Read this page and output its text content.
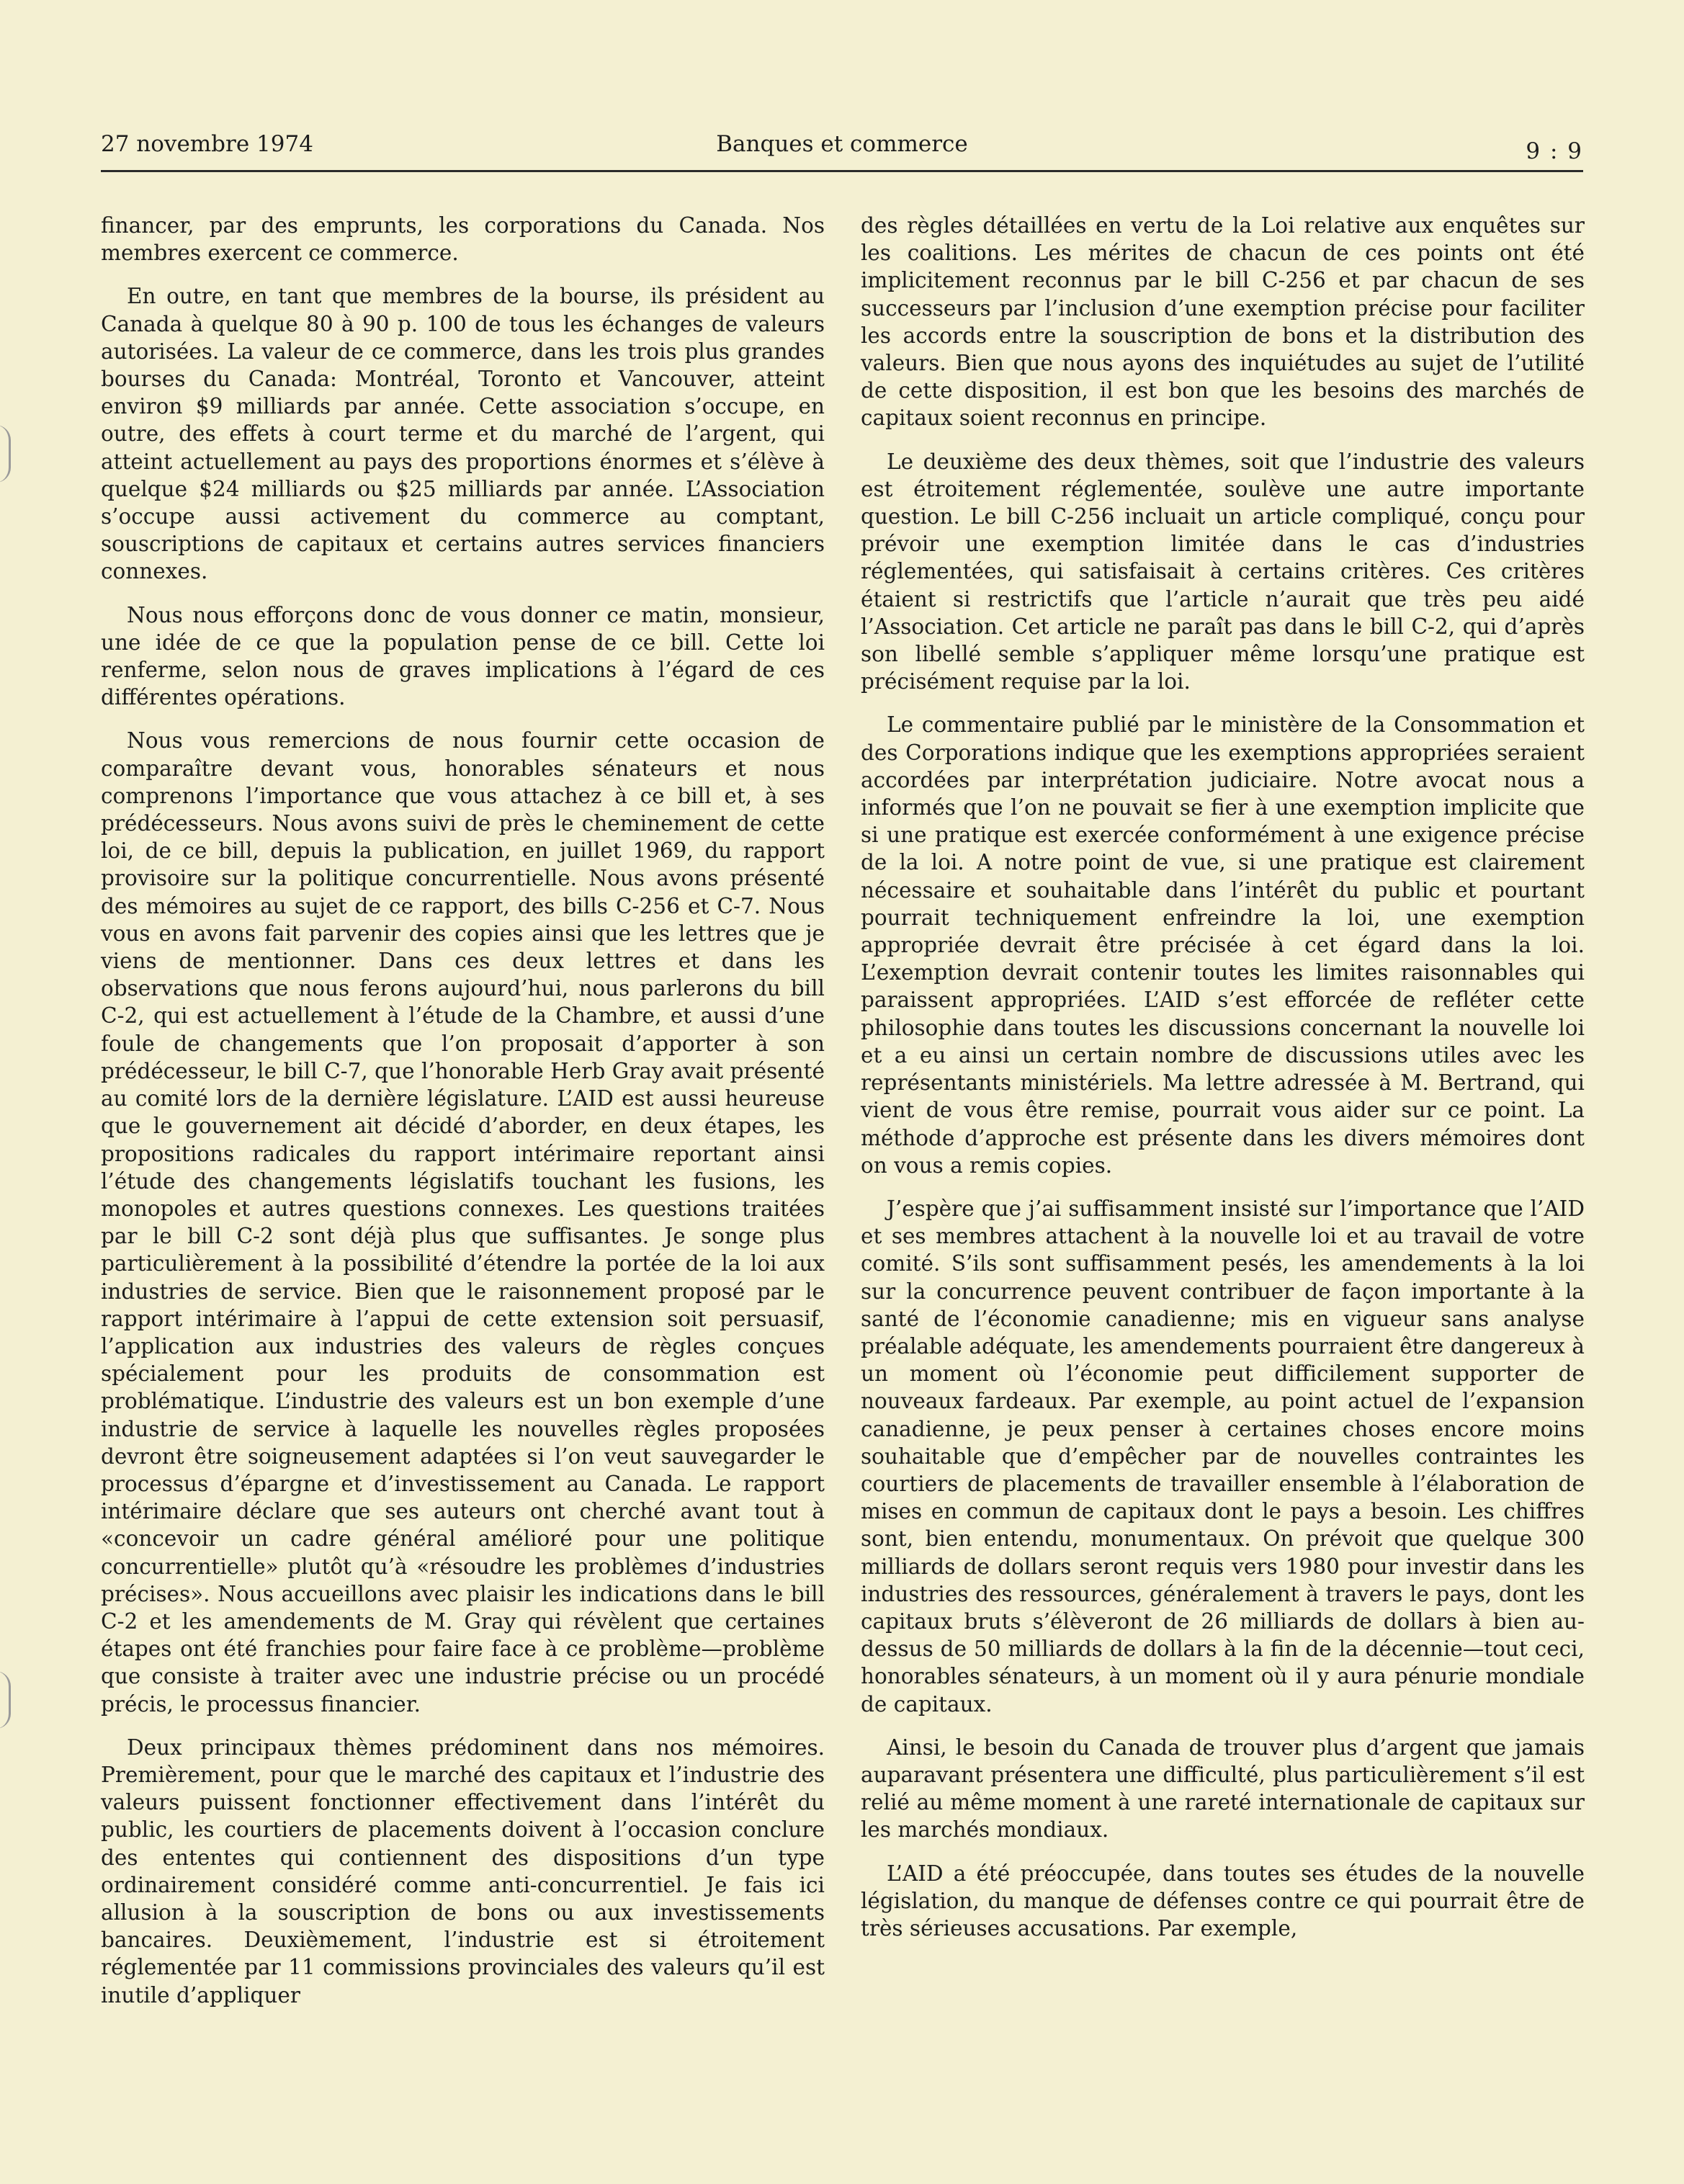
27 novembre 1974	Banques et commerce	9 : 9

financer, par des emprunts, les corporations du Canada. Nos membres exercent ce commerce.

En outre, en tant que membres de la bourse, ils président au Canada à quelque 80 à 90 p. 100 de tous les échanges de valeurs autorisées. La valeur de ce commerce, dans les trois plus grandes bourses du Canada: Montréal, Toronto et Vancouver, atteint environ $9 milliards par année. Cette association s’occupe, en outre, des effets à court terme et du marché de l’argent, qui atteint actuellement au pays des proportions énormes et s’élève à quelque $24 milliards ou $25 milliards par année. L’Association s’occupe aussi activement du commerce au comptant, souscriptions de capitaux et certains autres services financiers connexes.

Nous nous efforçons donc de vous donner ce matin, monsieur, une idée de ce que la population pense de ce bill. Cette loi renferme, selon nous de graves implications à l’égard de ces différentes opérations.

Nous vous remercions de nous fournir cette occasion de comparaître devant vous, honorables sénateurs et nous comprenons l’importance que vous attachez à ce bill et, à ses prédécesseurs. Nous avons suivi de près le cheminement de cette loi, de ce bill, depuis la publication, en juillet 1969, du rapport provisoire sur la politique concurrentielle. Nous avons présenté des mémoires au sujet de ce rapport, des bills C-256 et C-7. Nous vous en avons fait parvenir des copies ainsi que les lettres que je viens de mentionner. Dans ces deux lettres et dans les observations que nous ferons aujourd’hui, nous parlerons du bill C-2, qui est actuellement à l’étude de la Chambre, et aussi d’une foule de changements que l’on proposait d’apporter à son prédécesseur, le bill C-7, que l’honorable Herb Gray avait présenté au comité lors de la dernière législature. L’AID est aussi heureuse que le gouvernement ait décidé d’aborder, en deux étapes, les propositions radicales du rapport intérimaire reportant ainsi l’étude des changements législatifs touchant les fusions, les monopoles et autres questions connexes. Les questions traitées par le bill C-2 sont déjà plus que suffisantes. Je songe plus particulièrement à la possibilité d’étendre la portée de la loi aux industries de service. Bien que le raisonnement proposé par le rapport intérimaire à l’appui de cette extension soit persuasif, l’application aux industries des valeurs de règles conçues spécialement pour les produits de consommation est problématique. L’industrie des valeurs est un bon exemple d’une industrie de service à laquelle les nouvelles règles proposées devront être soigneusement adaptées si l’on veut sauvegarder le processus d’épargne et d’investissement au Canada. Le rapport intérimaire déclare que ses auteurs ont cherché avant tout à «concevoir un cadre général amélioré pour une politique concurrentielle» plutôt qu’à «résoudre les problèmes d’industries précises». Nous accueillons avec plaisir les indications dans le bill C-2 et les amendements de M. Gray qui révèlent que certaines étapes ont été franchies pour faire face à ce problème—problème que consiste à traiter avec une industrie précise ou un procédé précis, le processus financier.

Deux principaux thèmes prédominent dans nos mémoires. Premièrement, pour que le marché des capitaux et l’industrie des valeurs puissent fonctionner effectivement dans l’intérêt du public, les courtiers de placements doivent à l’occasion conclure des ententes qui contiennent des dispositions d’un type ordinairement considéré comme anti-concurrentiel. Je fais ici allusion à la souscription de bons ou aux investissements bancaires. Deuxièmement, l’industrie est si étroitement réglementée par 11 commissions provinciales des valeurs qu’il est inutile d’appliquer

des règles détaillées en vertu de la Loi relative aux enquêtes sur les coalitions. Les mérites de chacun de ces points ont été implicitement reconnus par le bill C-256 et par chacun de ses successeurs par l’inclusion d’une exemption précise pour faciliter les accords entre la souscription de bons et la distribution des valeurs. Bien que nous ayons des inquiétudes au sujet de l’utilité de cette disposition, il est bon que les besoins des marchés de capitaux soient reconnus en principe.

Le deuxième des deux thèmes, soit que l’industrie des valeurs est étroitement réglementée, soulève une autre importante question. Le bill C-256 incluait un article compliqué, conçu pour prévoir une exemption limitée dans le cas d’industries réglementées, qui satisfaisait à certains critères. Ces critères étaient si restrictifs que l’article n’aurait que très peu aidé l’Association. Cet article ne paraît pas dans le bill C-2, qui d’après son libellé semble s’appliquer même lorsqu’une pratique est précisément requise par la loi.

Le commentaire publié par le ministère de la Consommation et des Corporations indique que les exemptions appropriées seraient accordées par interprétation judiciaire. Notre avocat nous a informés que l’on ne pouvait se fier à une exemption implicite que si une pratique est exercée conformément à une exigence précise de la loi. A notre point de vue, si une pratique est clairement nécessaire et souhaitable dans l’intérêt du public et pourtant pourrait techniquement enfreindre la loi, une exemption appropriée devrait être précisée à cet égard dans la loi. L’exemption devrait contenir toutes les limites raisonnables qui paraissent appropriées. L’AID s’est efforcée de refléter cette philosophie dans toutes les discussions concernant la nouvelle loi et a eu ainsi un certain nombre de discussions utiles avec les représentants ministériels. Ma lettre adressée à M. Bertrand, qui vient de vous être remise, pourrait vous aider sur ce point. La méthode d’approche est présente dans les divers mémoires dont on vous a remis copies.

J’espère que j’ai suffisamment insisté sur l’importance que l’AID et ses membres attachent à la nouvelle loi et au travail de votre comité. S’ils sont suffisamment pesés, les amendements à la loi sur la concurrence peuvent contribuer de façon importante à la santé de l’économie canadienne; mis en vigueur sans analyse préalable adéquate, les amendements pourraient être dangereux à un moment où l’économie peut difficilement supporter de nouveaux fardeaux. Par exemple, au point actuel de l’expansion canadienne, je peux penser à certaines choses encore moins souhaitable que d’empêcher par de nouvelles contraintes les courtiers de placements de travailler ensemble à l’élaboration de mises en commun de capitaux dont le pays a besoin. Les chiffres sont, bien entendu, monumentaux. On prévoit que quelque 300 milliards de dollars seront requis vers 1980 pour investir dans les industries des ressources, généralement à travers le pays, dont les capitaux bruts s’élèveront de 26 milliards de dollars à bien au-dessus de 50 milliards de dollars à la fin de la décennie—tout ceci, honorables sénateurs, à un moment où il y aura pénurie mondiale de capitaux.

Ainsi, le besoin du Canada de trouver plus d’argent que jamais auparavant présentera une difficulté, plus particulièrement s’il est relié au même moment à une rareté internationale de capitaux sur les marchés mondiaux.

L’AID a été préoccupée, dans toutes ses études de la nouvelle législation, du manque de défenses contre ce qui pourrait être de très sérieuses accusations. Par exemple,
